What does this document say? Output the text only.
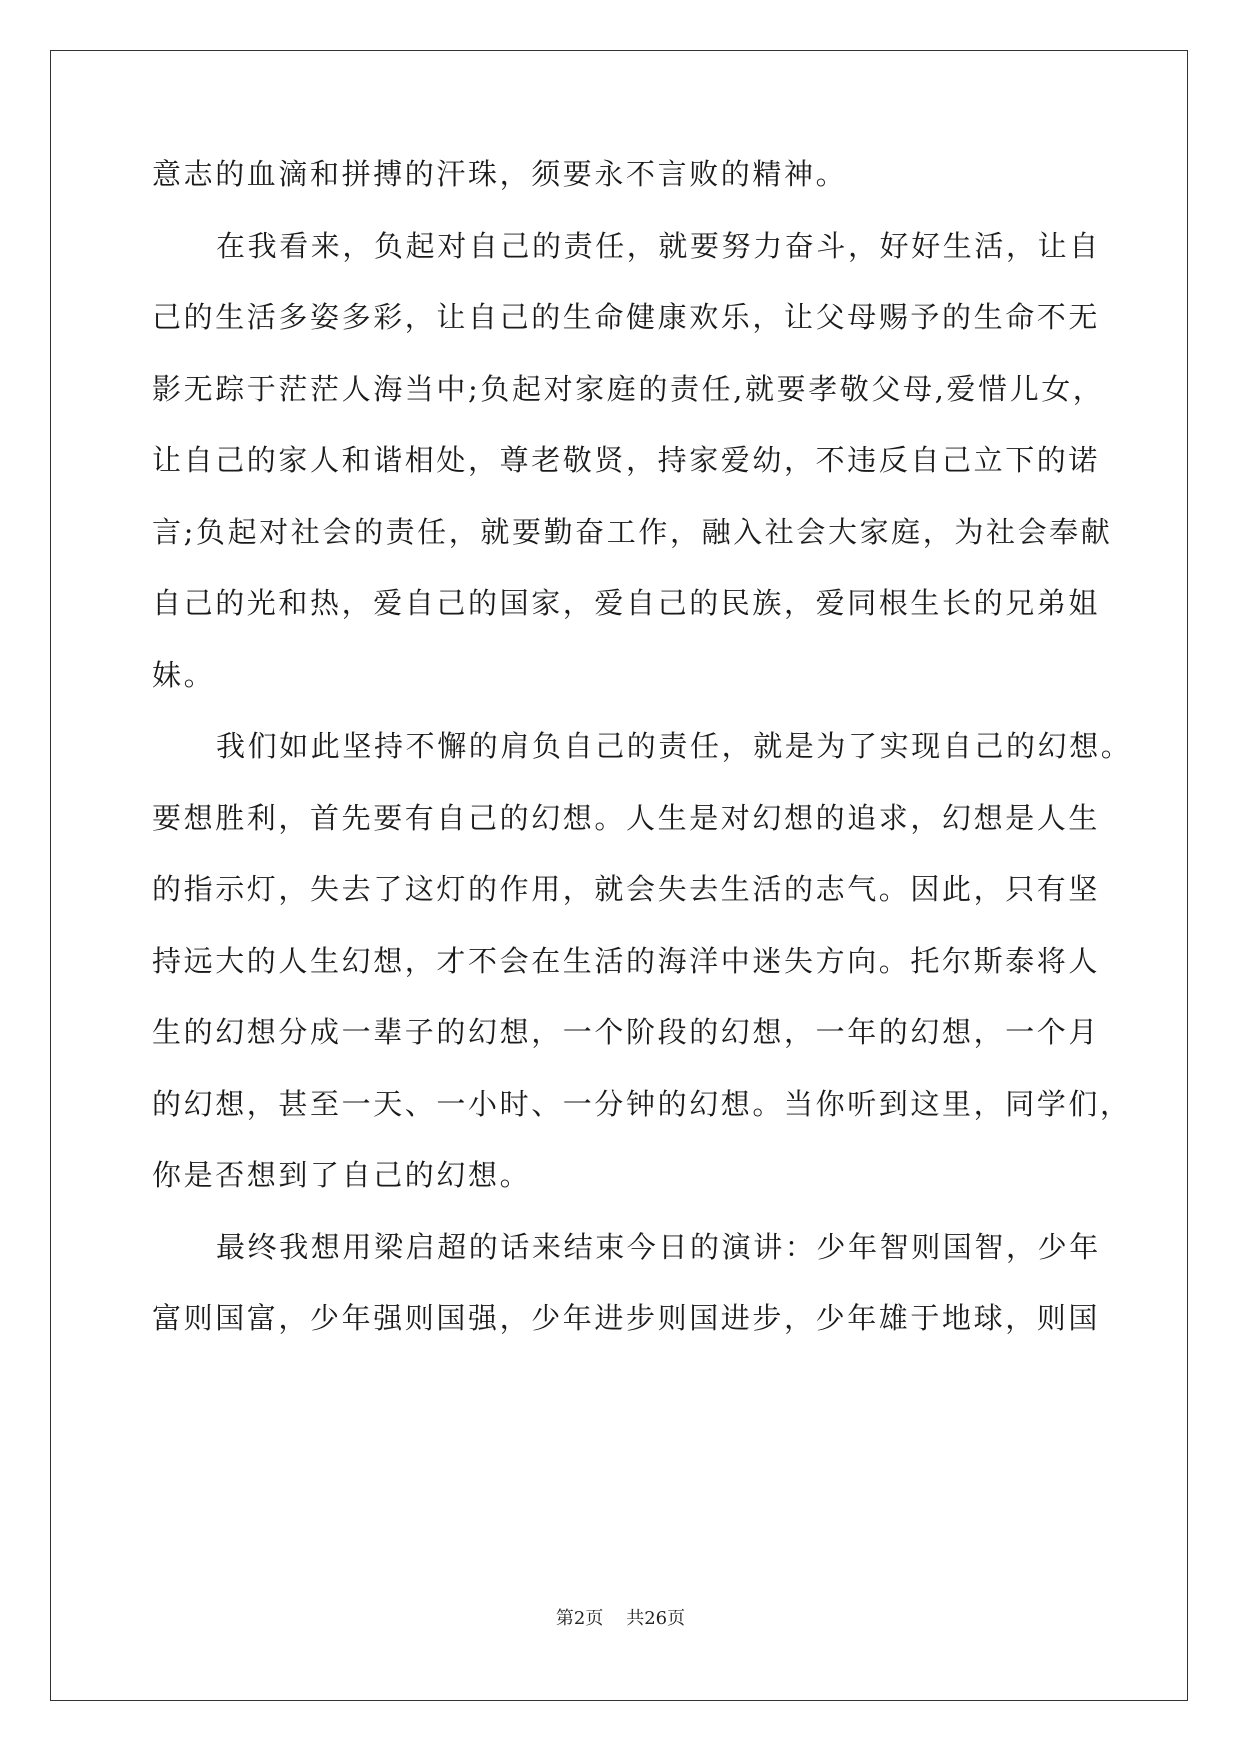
意志的血滴和拼搏的汗珠，须要永不言败的精神。
在我看来，负起对自己的责任，就要努力奋斗，好好生活，让自
己的生活多姿多彩，让自己的生命健康欢乐，让父母赐予的生命不无
影无踪于茫茫人海当中;负起对家庭的责任,就要孝敬父母,爱惜儿女，
让自己的家人和谐相处，尊老敬贤，持家爱幼，不违反自己立下的诺
言;负起对社会的责任，就要勤奋工作，融入社会大家庭，为社会奉献
自己的光和热，爱自己的国家，爱自己的民族，爱同根生长的兄弟姐
妹。
我们如此坚持不懈的肩负自己的责任，就是为了实现自己的幻想。
要想胜利，首先要有自己的幻想。人生是对幻想的追求，幻想是人生
的指示灯，失去了这灯的作用，就会失去生活的志气。因此，只有坚
持远大的人生幻想，才不会在生活的海洋中迷失方向。托尔斯泰将人
生的幻想分成一辈子的幻想，一个阶段的幻想，一年的幻想，一个月
的幻想，甚至一天、一小时、一分钟的幻想。当你听到这里，同学们，
你是否想到了自己的幻想。
最终我想用梁启超的话来结束今日的演讲：少年智则国智，少年
富则国富，少年强则国强，少年进步则国进步，少年雄于地球，则国
第2页 共26页
